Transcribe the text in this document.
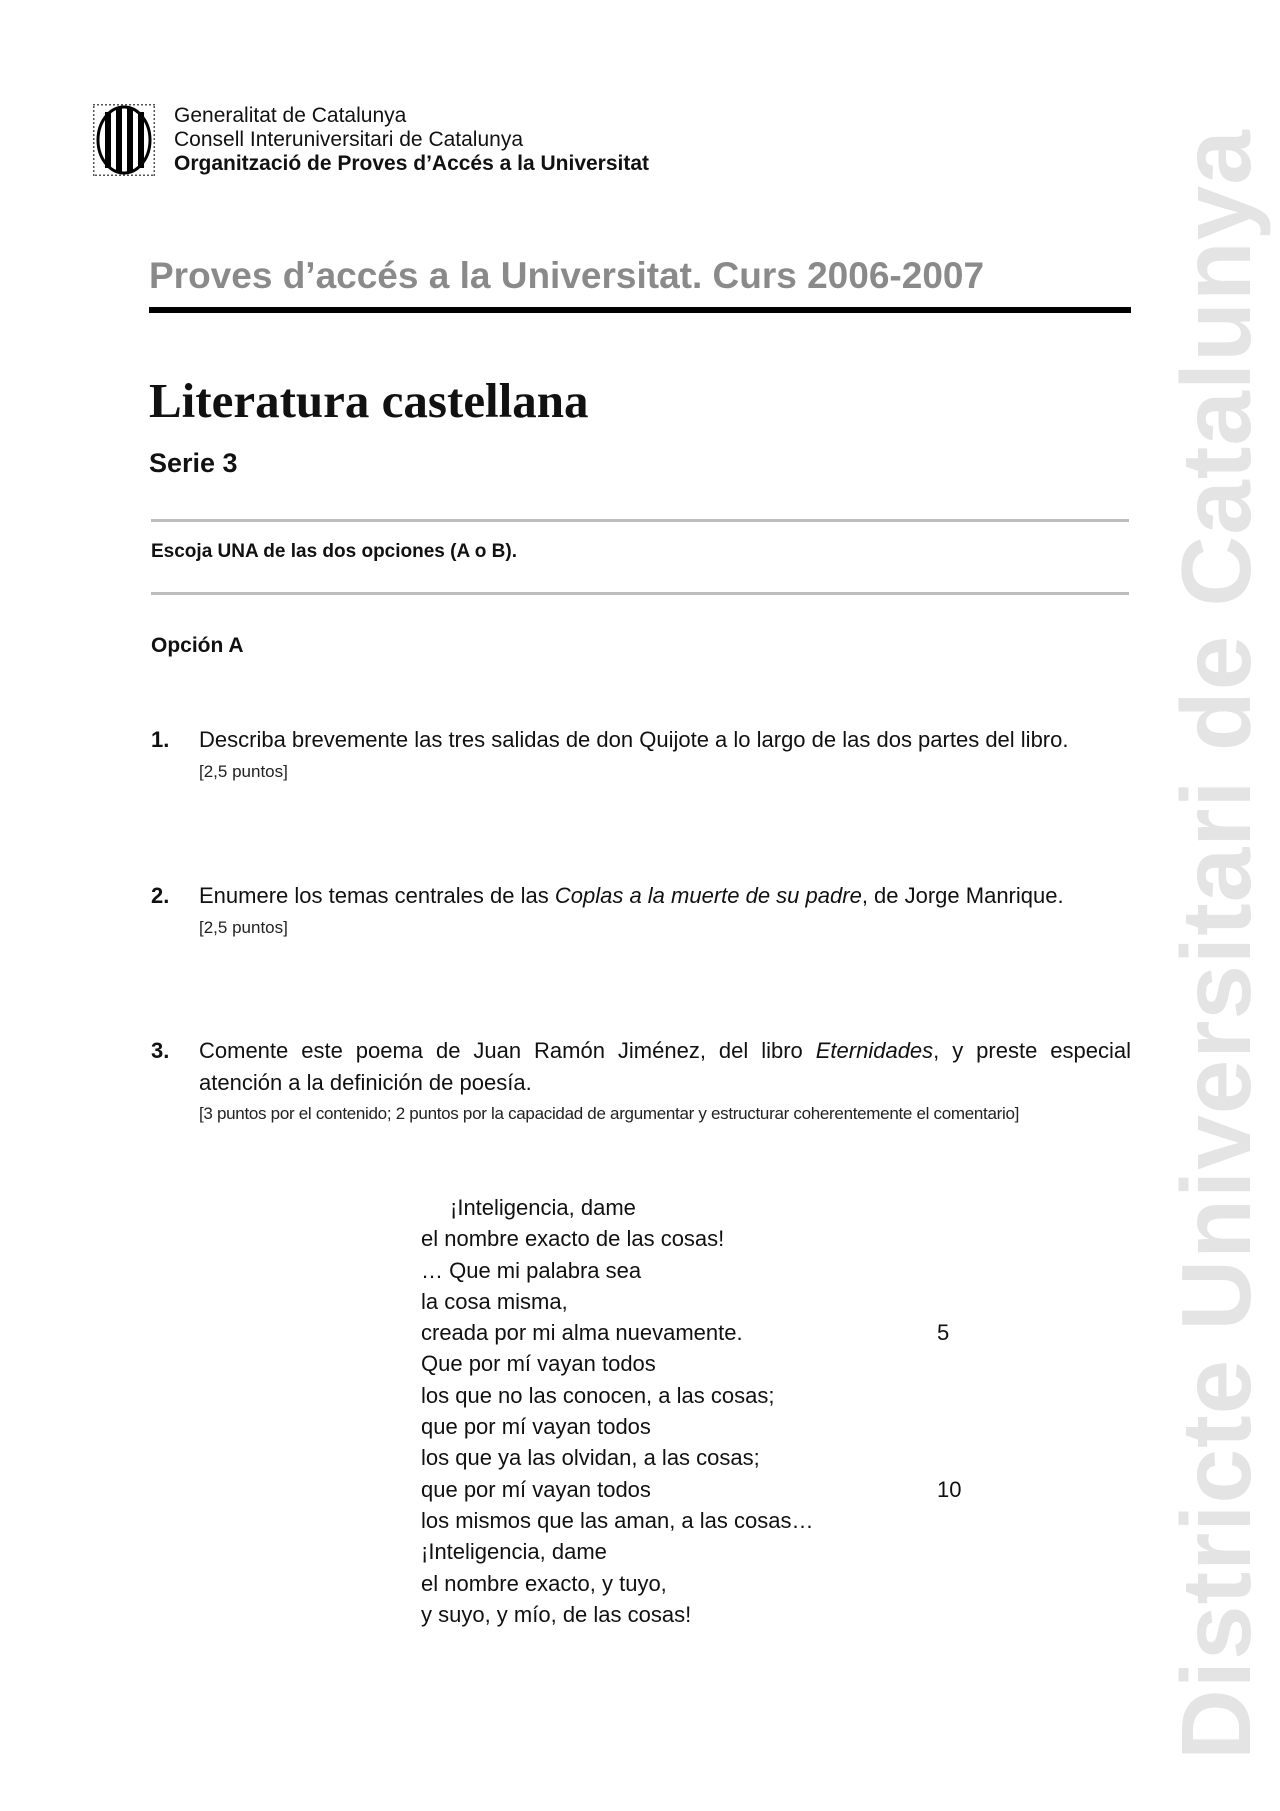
Generalitat de Catalunya
Consell Interuniversitari de Catalunya
Organització de Proves d’Accés a la Universitat
Proves d’accés a la Universitat. Curs 2006-2007
Literatura castellana
Serie 3
Escoja UNA de las dos opciones (A o B).
Opción A
1. Describa brevemente las tres salidas de don Quijote a lo largo de las dos partes del libro.
[2,5 puntos]
2. Enumere los temas centrales de las Coplas a la muerte de su padre, de Jorge Manrique.
[2,5 puntos]
3. Comente este poema de Juan Ramón Jiménez, del libro Eternidades, y preste especial atención a la definición de poesía.
[3 puntos por el contenido; 2 puntos por la capacidad de argumentar y estructurar coherentemente el comentario]
¡Inteligencia, dame
el nombre exacto de las cosas!
… Que mi palabra sea
la cosa misma,
creada por mi alma nuevamente.	5
Que por mí vayan todos
los que no las conocen, a las cosas;
que por mí vayan todos
los que ya las olvidan, a las cosas;
que por mí vayan todos	10
los mismos que las aman, a las cosas…
¡Inteligencia, dame
el nombre exacto, y tuyo,
y suyo, y mío, de las cosas!	Districte Universitari de Catalunya
